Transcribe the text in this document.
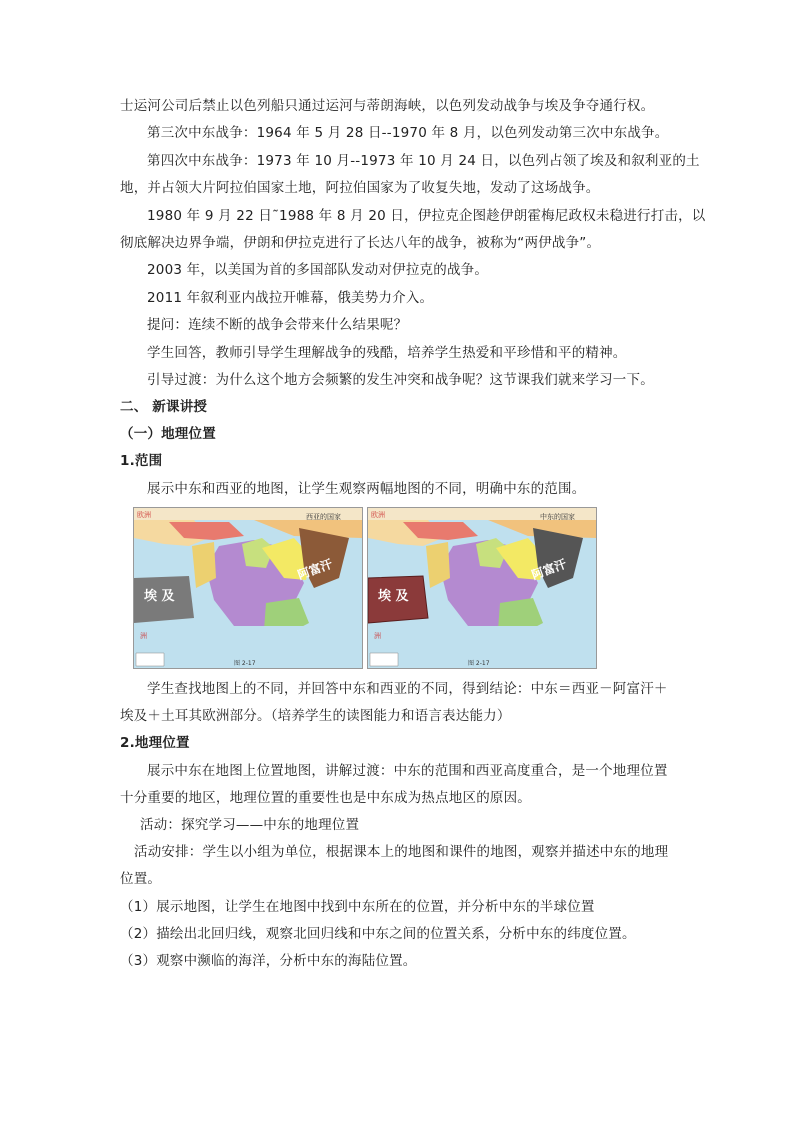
士运河公司后禁止以色列船只通过运河与蒂朗海峡，以色列发动战争与埃及争夺通行权。
第三次中东战争：1964 年 5 月 28 日--1970 年 8 月，以色列发动第三次中东战争。
第四次中东战争：1973 年 10 月--1973 年 10 月 24 日，以色列占领了埃及和叙利亚的土
地，并占领大片阿拉伯国家土地，阿拉伯国家为了收复失地，发动了这场战争。
1980 年 9 月 22 日˜1988 年 8 月 20 日，伊拉克企图趁伊朗霍梅尼政权未稳进行打击，以
彻底解决边界争端，伊朗和伊拉克进行了长达八年的战争，被称为“两伊战争”。
2003 年，以美国为首的多国部队发动对伊拉克的战争。
2011 年叙利亚内战拉开帷幕，俄美势力介入。
提问：连续不断的战争会带来什么结果呢？
学生回答，教师引导学生理解战争的残酷，培养学生热爱和平珍惜和平的精神。
引导过渡：为什么这个地方会频繁的发生冲突和战争呢？这节课我们就来学习一下。
二、 新课讲授
（一）地理位置
1.范围
展示中东和西亚的地图，让学生观察两幅地图的不同，明确中东的范围。
西亚的国家
埃 及
阿富汗
图 2-17
欧洲
洲
中东的国家
埃 及
阿富汗
图 2-17
欧洲
洲
学生查找地图上的不同，并回答中东和西亚的不同，得到结论：中东＝西亚－阿富汗＋
埃及＋土耳其欧洲部分。（培养学生的读图能力和语言表达能力）
2.地理位置
展示中东在地图上位置地图，讲解过渡：中东的范围和西亚高度重合，是一个地理位置
十分重要的地区，地理位置的重要性也是中东成为热点地区的原因。
活动：探究学习——中东的地理位置
活动安排：学生以小组为单位，根据课本上的地图和课件的地图，观察并描述中东的地理
位置。
（1）展示地图，让学生在地图中找到中东所在的位置，并分析中东的半球位置
（2）描绘出北回归线，观察北回归线和中东之间的位置关系，分析中东的纬度位置。
（3）观察中濒临的海洋，分析中东的海陆位置。
